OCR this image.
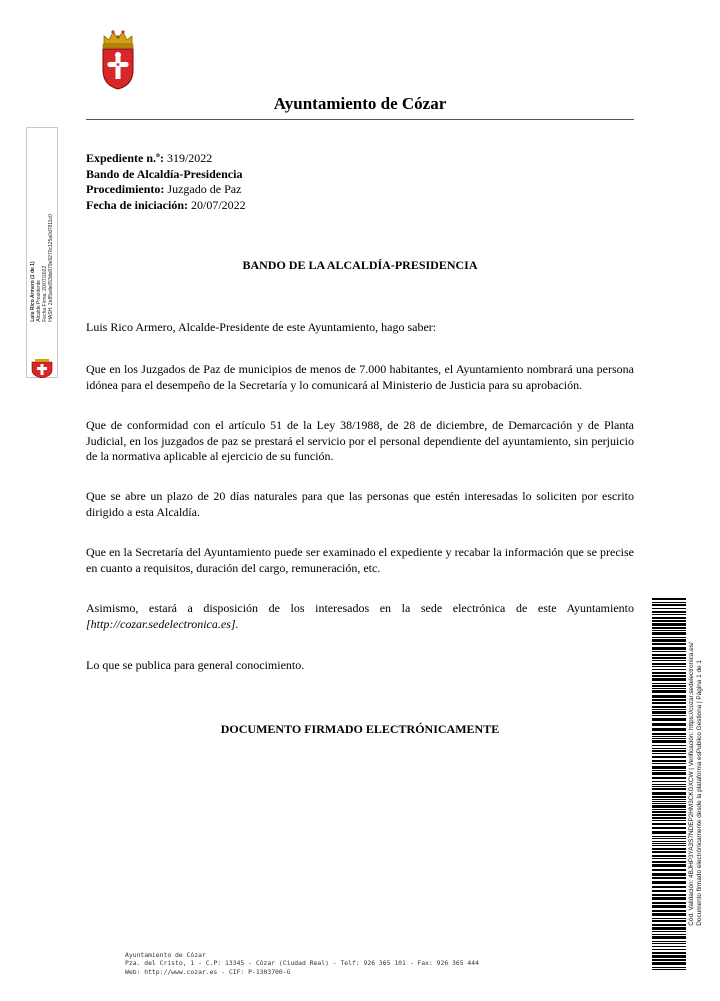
Ayuntamiento de Cózar
Luis Rico Armero (1 de 1) Alcalde Presidente Fecha Firma: 20/07/2022 HASH: 2e85ade653de879e9270c125a0d7811c0
Expediente n.º: 319/2022
Bando de Alcaldía-Presidencia
Procedimiento: Juzgado de Paz
Fecha de iniciación: 20/07/2022
BANDO DE LA ALCALDÍA-PRESIDENCIA
Luis Rico Armero, Alcalde-Presidente de este Ayuntamiento, hago saber:
Que en los Juzgados de Paz de municipios de menos de 7.000 habitantes, el Ayuntamiento nombrará una persona idónea para el desempeño de la Secretaría y lo comunicará al Ministerio de Justicia para su aprobación.
Que de conformidad con el artículo 51 de la Ley 38/1988, de 28 de diciembre, de Demarcación y de Planta Judicial, en los juzgados de paz se prestará el servicio por el personal dependiente del ayuntamiento, sin perjuicio de la normativa aplicable al ejercicio de su función.
Que se abre un plazo de 20 días naturales para que las personas que estén interesadas lo soliciten por escrito dirigido a esta Alcaldía.
Que en la Secretaría del Ayuntamiento puede ser examinado el expediente y recabar la información que se precise en cuanto a requisitos, duración del cargo, remuneración, etc.
Asimismo, estará a disposición de los interesados en la sede electrónica de este Ayuntamiento [http://cozar.sedelectronica.es].
Lo que se publica para general conocimiento.
DOCUMENTO FIRMADO ELECTRÓNICAMENTE	Cód. Validación: 4BJHP3YA3S7NDEP2HM3CKGXCW | Verificación: https://cozar.sedelectronica.es/ Documento firmado electrónicamente desde la plataforma esPublico Gestiona | Página 1 de 1
Ayuntamiento de Cózar
Pza. del Cristo, 1 - C.P: 13345 - Cózar (Ciudad Real) - Telf: 926 365 101 - Fax: 926 365 444
Web: http://www.cozar.es - CIF: P-1303700-G
